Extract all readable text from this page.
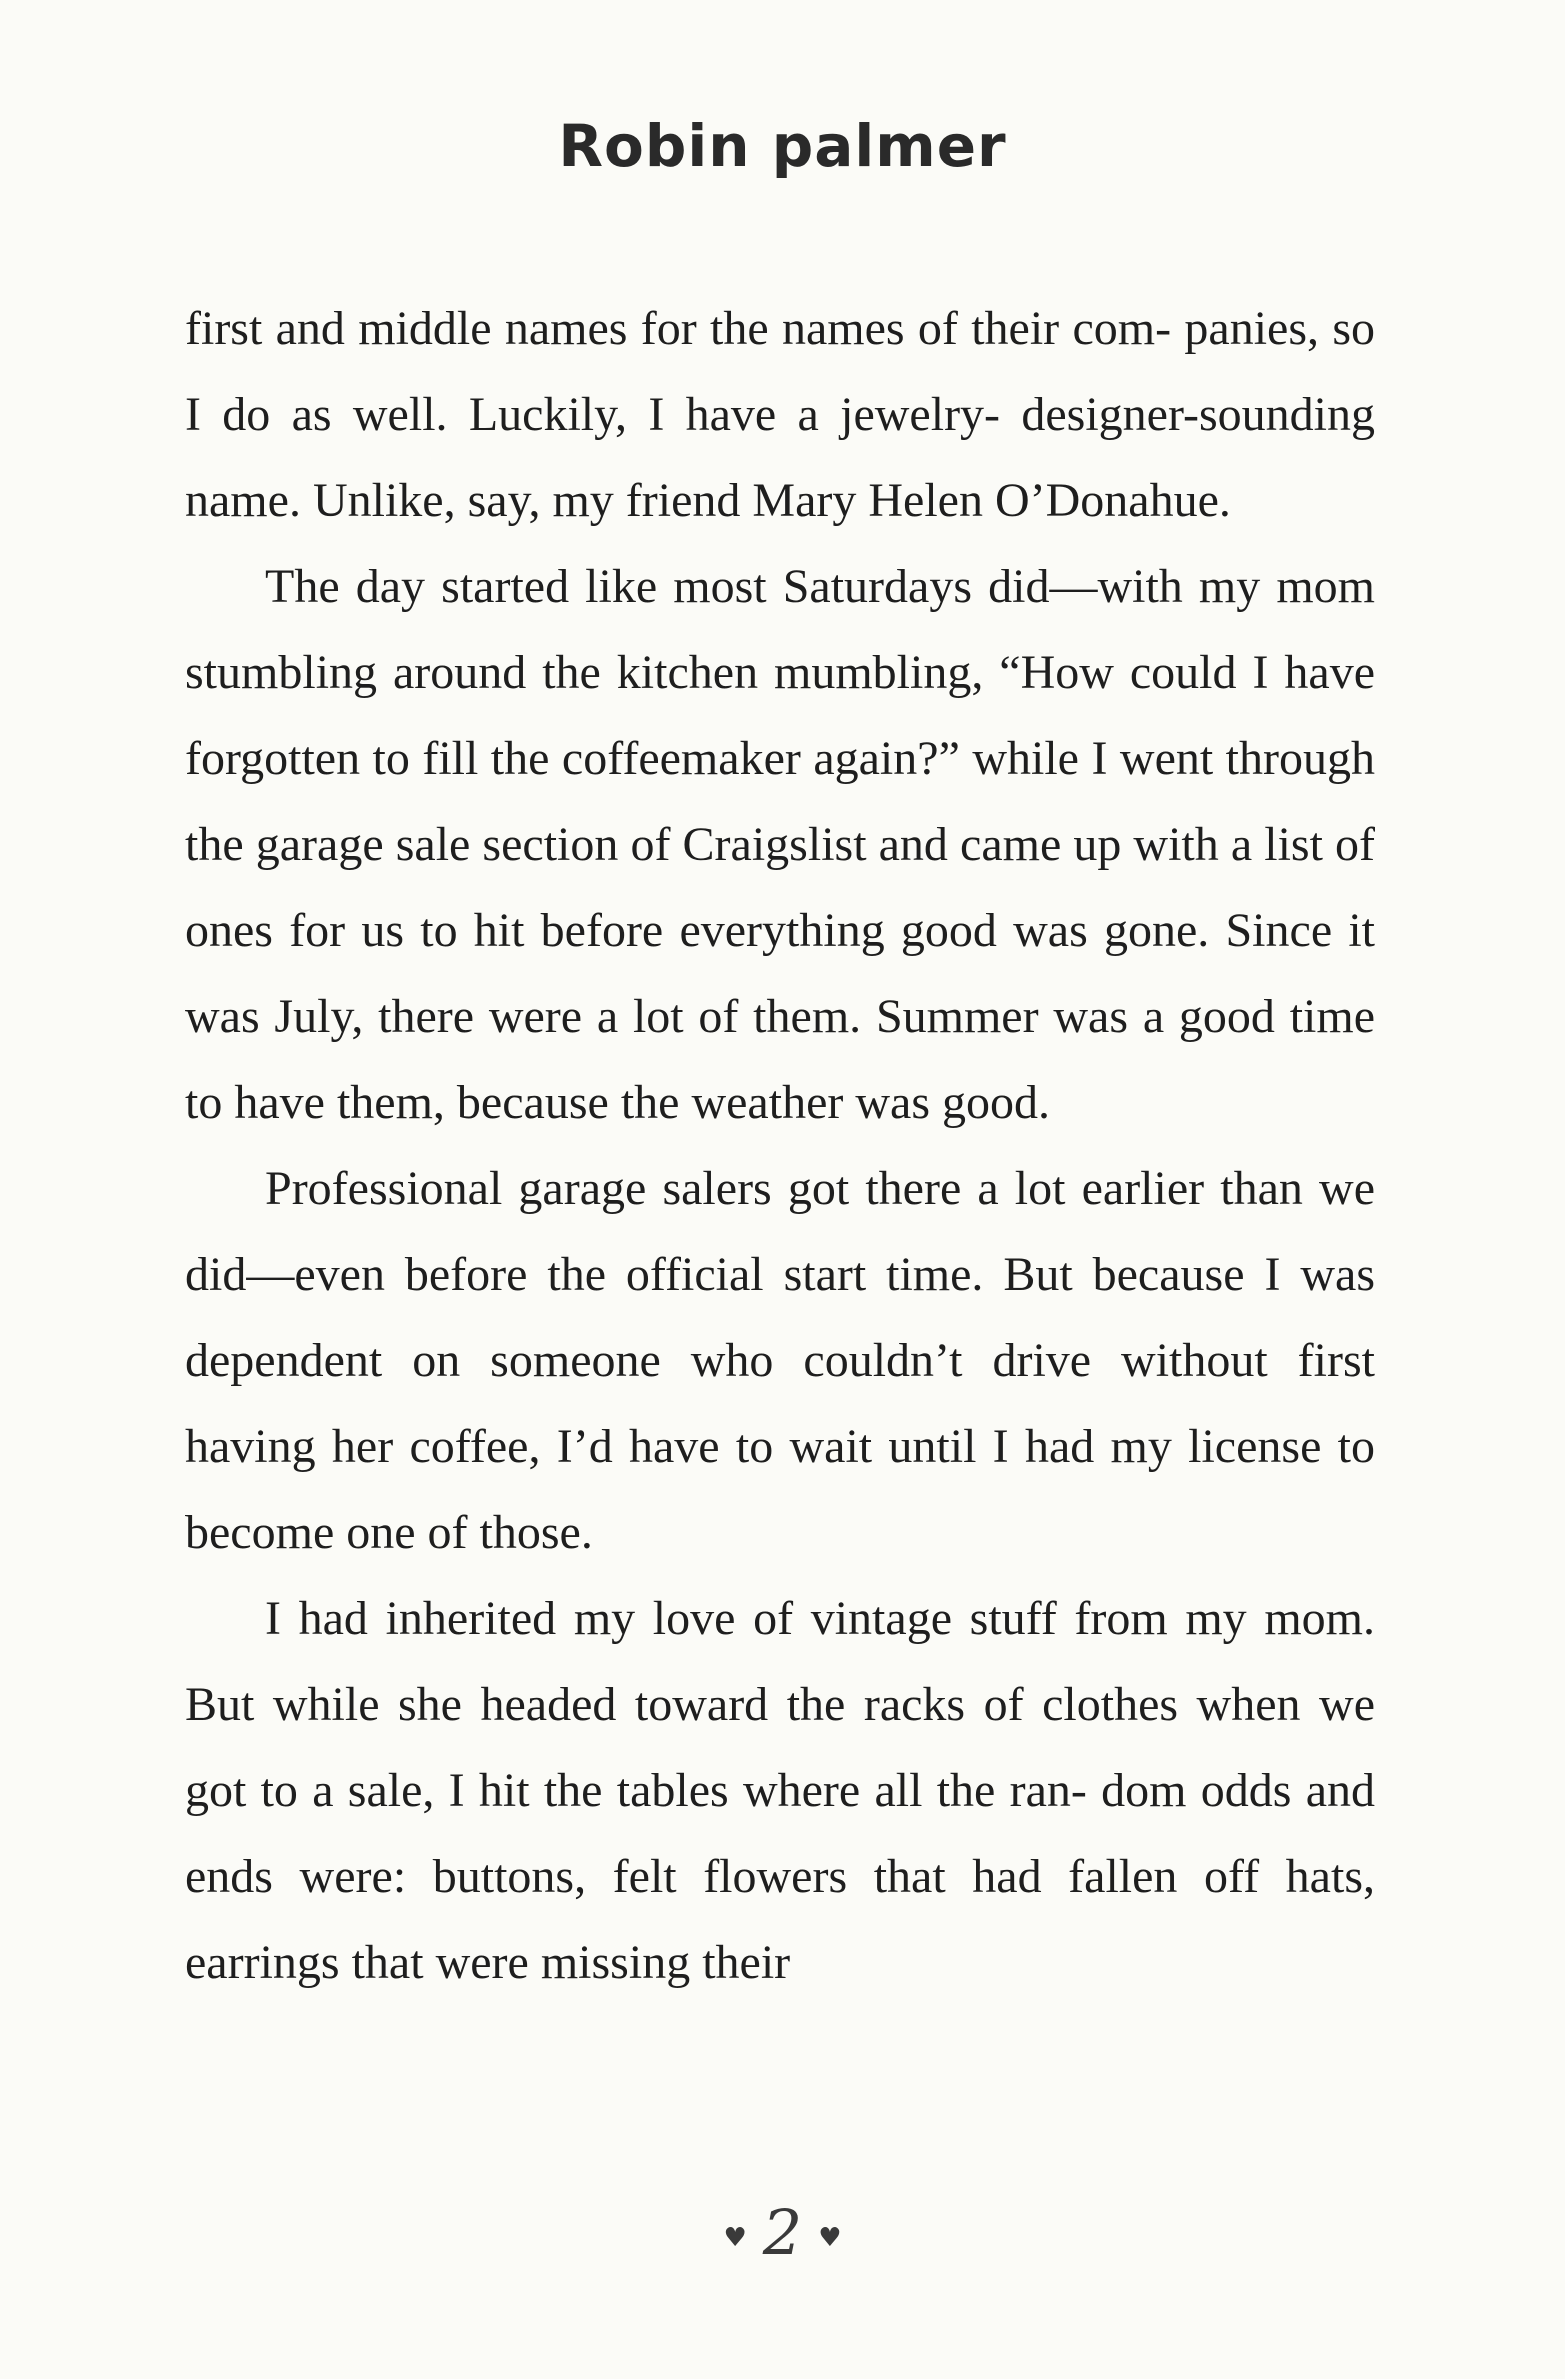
Robin palmer

first and middle names for the names of their com- panies, so I do as well. Luckily, I have a jewelry- designer-sounding name. Unlike, say, my friend Mary Helen O’Donahue.

The day started like most Saturdays did—with my mom stumbling around the kitchen mumbling, “How could I have forgotten to fill the coffeemaker again?” while I went through the garage sale section of Craigslist and came up with a list of ones for us to hit before everything good was gone. Since it was July, there were a lot of them. Summer was a good time to have them, because the weather was good.

Professional garage salers got there a lot earlier than we did—even before the official start time. But because I was dependent on someone who couldn’t drive without first having her coffee, I’d have to wait until I had my license to become one of those.

I had inherited my love of vintage stuff from my mom. But while she headed toward the racks of clothes when we got to a sale, I hit the tables where all the ran- dom odds and ends were: buttons, felt flowers that had fallen off hats, earrings that were missing their

♥ 2 ♥
